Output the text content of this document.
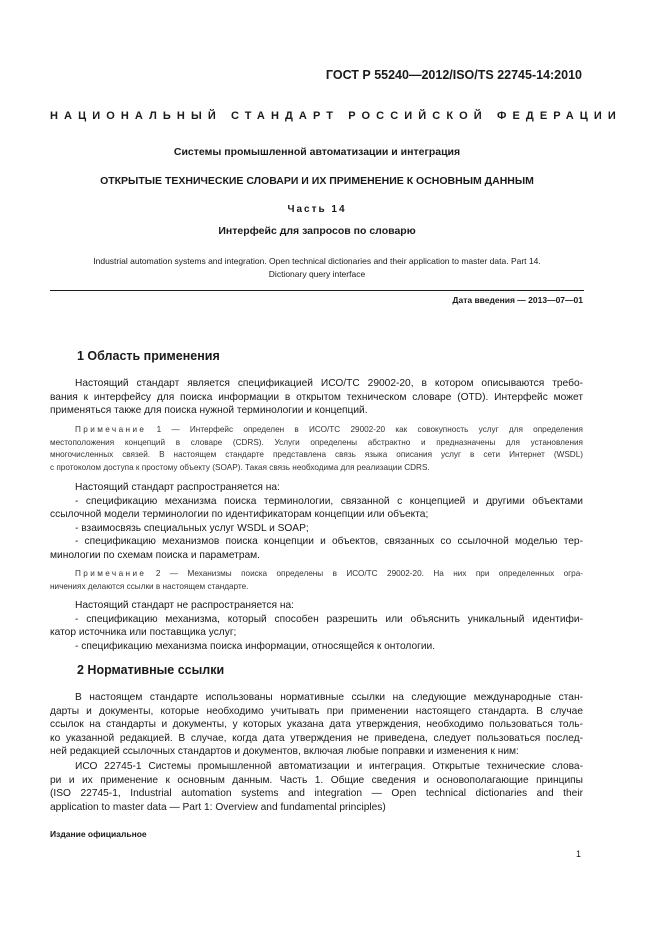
ГОСТ Р 55240—2012/ISO/TS 22745-14:2010
НАЦИОНАЛЬНЫЙ СТАНДАРТ РОССИЙСКОЙ ФЕДЕРАЦИИ
Системы промышленной автоматизации и интеграция
ОТКРЫТЫЕ ТЕХНИЧЕСКИЕ СЛОВАРИ И ИХ ПРИМЕНЕНИЕ К ОСНОВНЫМ ДАННЫМ
Часть 14
Интерфейс для запросов по словарю
Industrial automation systems and integration. Open technical dictionaries and their application to master data. Part 14.
Dictionary query interface
Дата введения — 2013—07—01
1 Область применения
Настоящий стандарт является спецификацией ИСО/ТС 29002-20, в котором описываются требо-
вания к интерфейсу для поиска информации в открытом техническом словаре (OTD). Интерфейс может
применяться также для поиска нужной терминологии и концепций.
Примечание 1 — Интерфейс определен в ИСО/ТС 29002-20 как совокупность услуг для определения
местоположения концепций в словаре (CDRS). Услуги определены абстрактно и предназначены для установления
многочисленных связей. В настоящем стандарте представлена связь языка описания услуг в сети Интернет (WSDL)
с протоколом доступа к простому объекту (SOAP). Такая связь необходима для реализации CDRS.
Настоящий стандарт распространяется на:
- спецификацию механизма поиска терминологии, связанной с концепцией и другими объектами
ссылочной модели терминологии по идентификаторам концепции или объекта;
- взаимосвязь специальных услуг WSDL и SOAP;
- спецификацию механизмов поиска концепции и объектов, связанных со ссылочной моделью тер-
минологии по схемам поиска и параметрам.
Примечание 2 — Механизмы поиска определены в ИСО/ТС 29002-20. На них при определенных огра-
ничениях делаются ссылки в настоящем стандарте.
Настоящий стандарт не распространяется на:
- спецификацию механизма, который способен разрешить или объяснить уникальный идентифи-
катор источника или поставщика услуг;
- спецификацию механизма поиска информации, относящейся к онтологии.
2 Нормативные ссылки
В настоящем стандарте использованы нормативные ссылки на следующие международные стан-
дарты и документы, которые необходимо учитывать при применении настоящего стандарта. В случае
ссылок на стандарты и документы, у которых указана дата утверждения, необходимо пользоваться толь-
ко указанной редакцией. В случае, когда дата утверждения не приведена, следует пользоваться послед-
ней редакцией ссылочных стандартов и документов, включая любые поправки и изменения к ним:
ИСО 22745-1 Системы промышленной автоматизации и интеграция. Открытые технические слова-
ри и их применение к основным данным. Часть 1. Общие сведения и основополагающие принципы
(ISO 22745-1, Industrial automation systems and integration — Open technical dictionaries and their
application to master data — Part 1: Overview and fundamental principles)
Издание официальное
1
